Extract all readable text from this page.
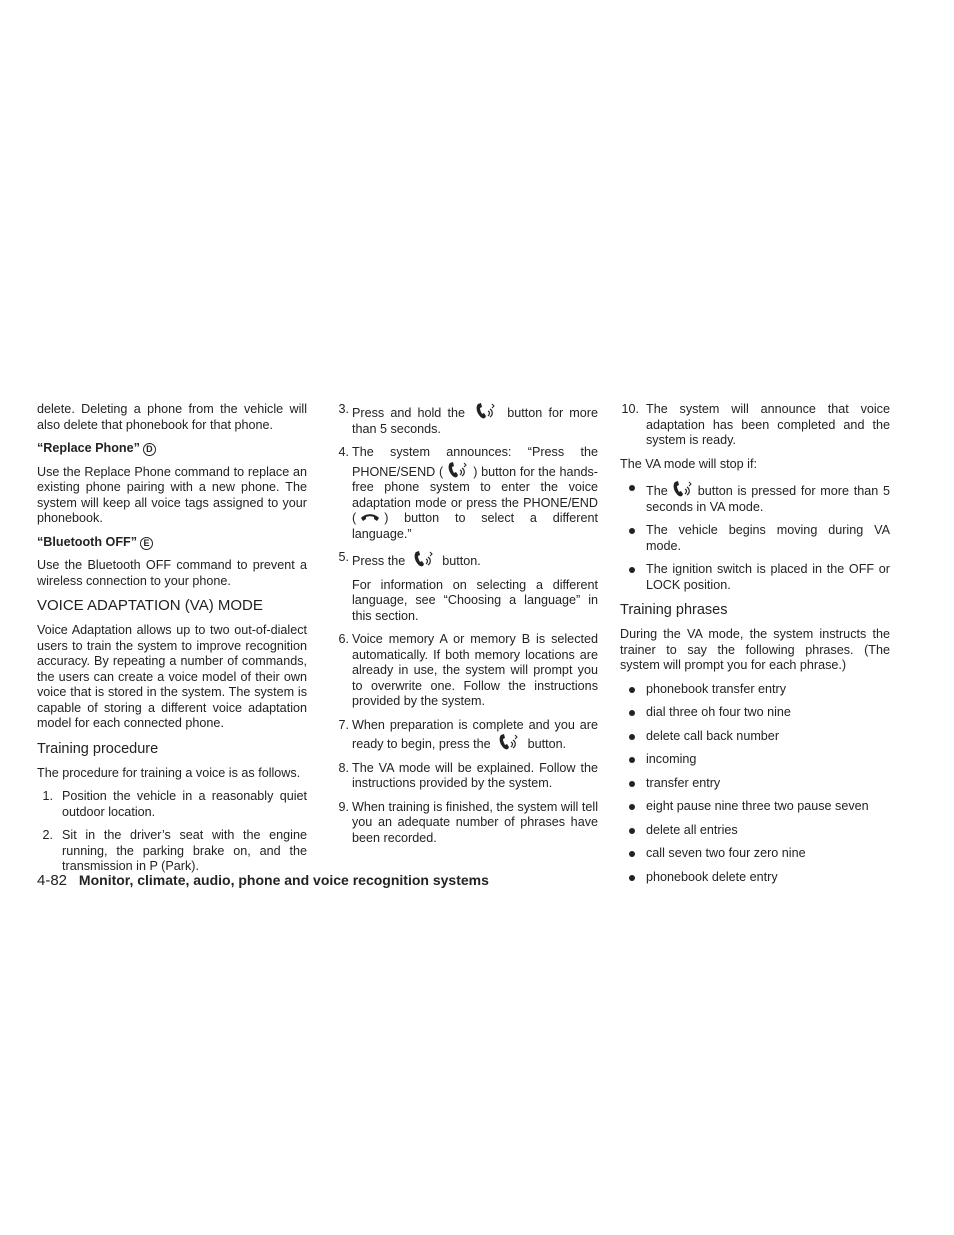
delete. Deleting a phone from the vehicle will also delete that phonebook for that phone.

“Replace Phone” D

Use the Replace Phone command to replace an existing phone pairing with a new phone. The system will keep all voice tags assigned to your phonebook.

“Bluetooth OFF” E

Use the Bluetooth OFF command to prevent a wireless connection to your phone.

VOICE ADAPTATION (VA) MODE

Voice Adaptation allows up to two out-of-dialect users to train the system to improve recognition accuracy. By repeating a number of commands, the users can create a voice model of their own voice that is stored in the system. The system is capable of storing a different voice adaptation model for each connected phone.

Training procedure

The procedure for training a voice is as follows.

1. Position the vehicle in a reasonably quiet outdoor location.
2. Sit in the driver’s seat with the engine running, the parking brake on, and the transmission in P (Park).
3. Press and hold the	button for more than 5 seconds.
4. The system announces: “Press the PHONE/SEND ( ) button for the hands-free phone system to enter the voice adaptation mode or press the PHONE/END ( ) button to select a different language.”
5. Press the	button.
For information on selecting a different language, see “Choosing a language” in this section.
6. Voice memory A or memory B is selected automatically. If both memory locations are already in use, the system will prompt you to overwrite one. Follow the instructions provided by the system.
7. When preparation is complete and you are ready to begin, press the	button.
8. The VA mode will be explained. Follow the instructions provided by the system.
9. When training is finished, the system will tell you an adequate number of phrases have been recorded.
10. The system will announce that voice adaptation has been completed and the system is ready.

The VA mode will stop if:

The button is pressed for more than 5 seconds in VA mode.
The vehicle begins moving during VA mode.
The ignition switch is placed in the OFF or LOCK position.
Training phrases

During the VA mode, the system instructs the trainer to say the following phrases. (The system will prompt you for each phrase.)

phonebook transfer entry
dial three oh four two nine
delete call back number
incoming
transfer entry
eight pause nine three two pause seven
delete all entries
call seven two four zero nine
phonebook delete entry
4-82 Monitor, climate, audio, phone and voice recognition systems
